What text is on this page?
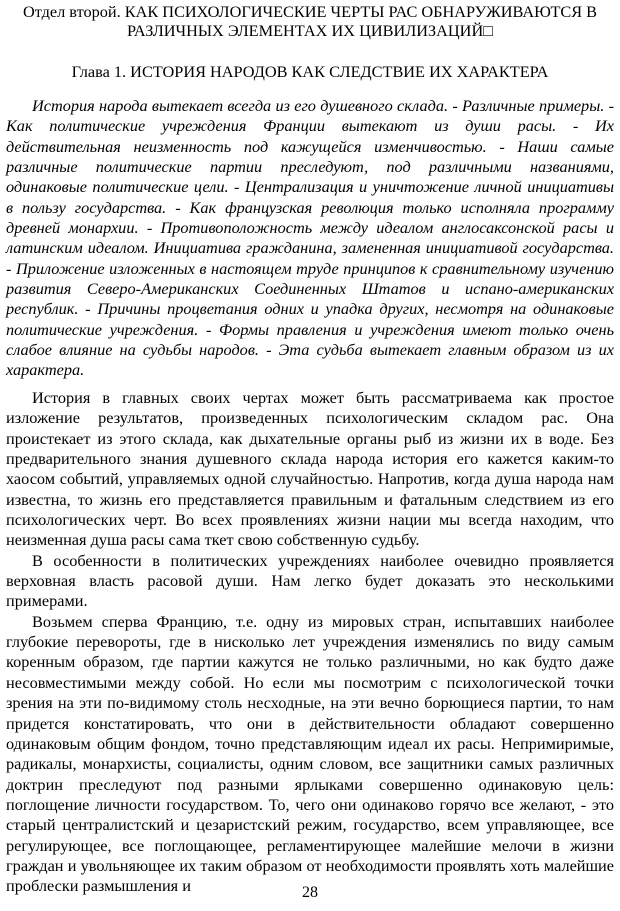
Отдел второй. КАК ПСИХОЛОГИЧЕСКИЕ ЧЕРТЫ РАС ОБНАРУЖИВАЮТСЯ В РАЗЛИЧНЫХ ЭЛЕМЕНТАХ ИХ ЦИВИЛИЗАЦИЙ□
Глава 1. ИСТОРИЯ НАРОДОВ КАК СЛЕДСТВИЕ ИХ ХАРАКТЕРА

История народа вытекает всегда из его душевного склада. - Различные примеры. - Как политические учреждения Франции вытекают из души расы. - Их действительная неизменность под кажущейся изменчивостью. - Наши самые различные политические партии преследуют, под различными названиями, одинаковые политические цели. - Централизация и уничтожение личной инициативы в пользу государства. - Как французская революция только исполняла программу древней монархии. - Противоположность между идеалом англосаксонской расы и латинским идеалом. Инициатива гражданина, замененная инициативой государства. - Приложение изложенных в настоящем труде принципов к сравнительному изучению развития Северо-Американских Соединенных Штатов и испано-американских республик. - Причины процветания одних и упадка других, несмотря на одинаковые политические учреждения. - Формы правления и учреждения имеют только очень слабое влияние на судьбы народов. - Эта судьба вытекает главным образом из их характера.

История в главных своих чертах может быть рассматриваема как простое изложение результатов, произведенных психологическим складом рас. Она проистекает из этого склада, как дыхательные органы рыб из жизни их в воде. Без предварительного знания душевного склада народа история его кажется каким-то хаосом событий, управляемых одной случайностью. Напротив, когда душа народа нам известна, то жизнь его представляется правильным и фатальным следствием из его психологических черт. Во всех проявлениях жизни нации мы всегда находим, что неизменная душа расы сама ткет свою собственную судьбу.

В особенности в политических учреждениях наиболее очевидно проявляется верховная власть расовой души. Нам легко будет доказать это несколькими примерами.

Возьмем сперва Францию, т.е. одну из мировых стран, испытавших наиболее глубокие перевороты, где в нисколько лет учреждения изменялись по виду самым коренным образом, где партии кажутся не только различными, но как будто даже несовместимыми между собой. Но если мы посмотрим с психологической точки зрения на эти по-видимому столь несходные, на эти вечно борющиеся партии, то нам придется констатировать, что они в действительности обладают совершенно одинаковым общим фондом, точно представляющим идеал их расы. Непримиримые, радикалы, монархисты, социалисты, одним словом, все защитники самых различных доктрин преследуют под разными ярлыками совершенно одинаковую цель: поглощение личности государством. То, чего они одинаково горячо все желают, - это старый централистский и цезаристский режим, государство, всем управляющее, все регулирующее, все поглощающее, регламентирующее малейшие мелочи в жизни граждан и увольняющее их таким образом от необходимости проявлять хоть малейшие проблески размышления и	28
